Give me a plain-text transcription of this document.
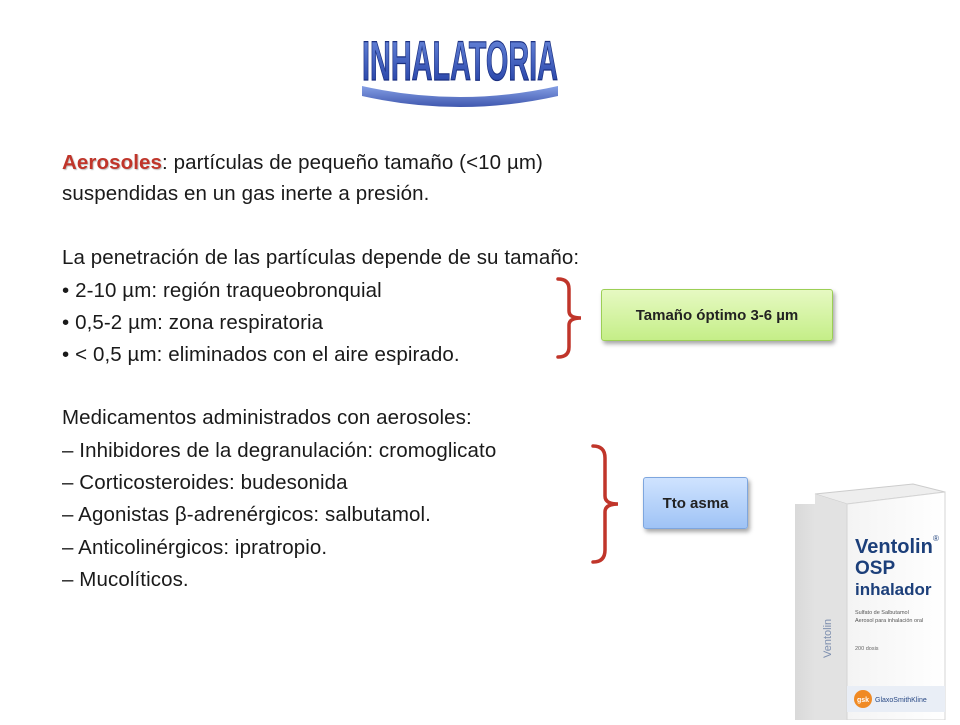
INHALATORIA
Aerosoles: partículas de pequeño tamaño (<10 µm)
suspendidas en un gas inerte a presión.
La penetración de las partículas depende de su tamaño:
• 2-10 µm: región traqueobronquial
• 0,5-2 µm: zona respiratoria
• < 0,5 µm: eliminados con el aire espirado.
Tamaño óptimo 3-6 µm
Medicamentos administrados con aerosoles:
– Inhibidores de la degranulación: cromoglicato
– Corticosteroides: budesonida
– Agonistas β-adrenérgicos: salbutamol.
– Anticolinérgicos: ipratropio.
– Mucolíticos.
Tto asma
Ventolin
Ventolin ®
OSP
inhalador
Sulfato de Salbutamol
Aerosol para inhalación oral
200 dosis
gsk GlaxoSmithKline
